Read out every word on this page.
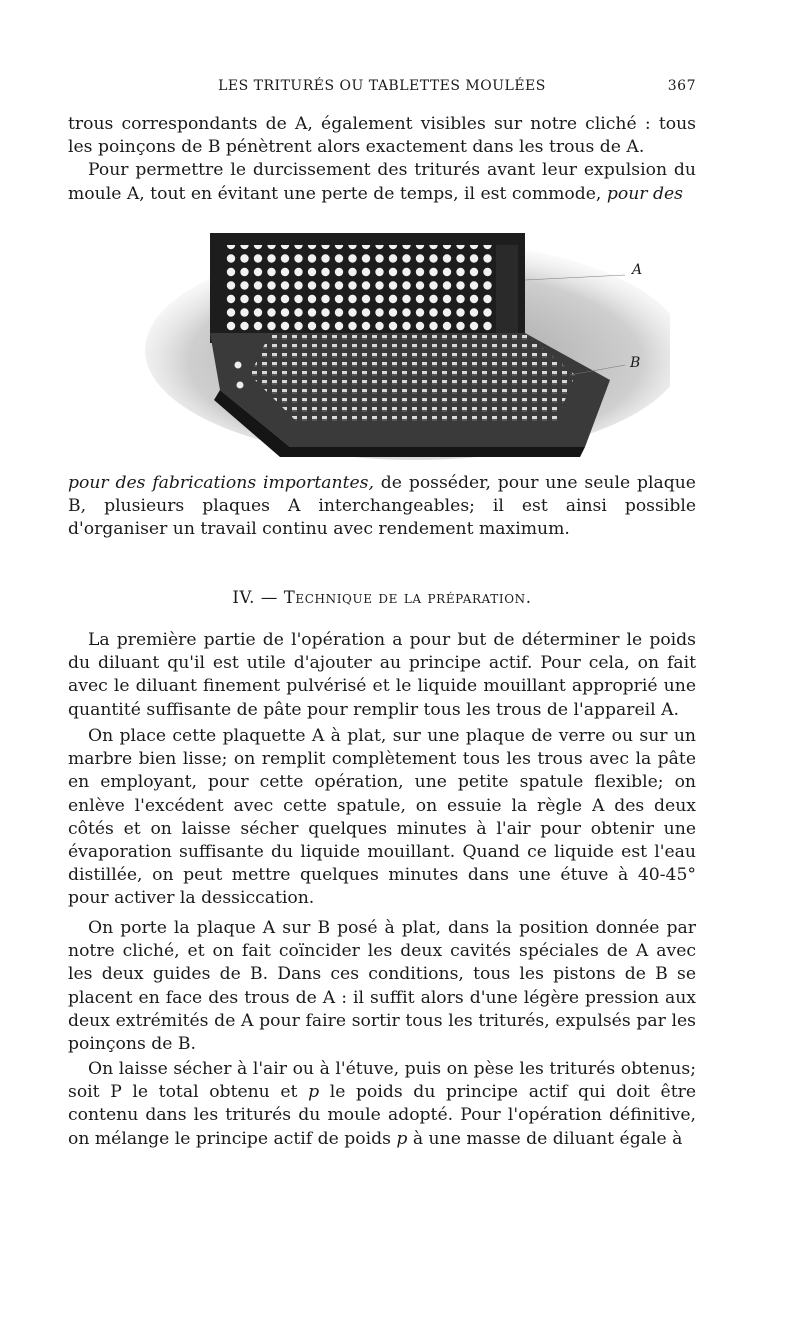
LES TRITURÉS OU TABLETTES MOULÉES	367

trous correspondants de A, également visibles sur notre cliché : tous les poinçons de B pénètrent alors exactement dans les trous de A.
Pour permettre le durcissement des triturés avant leur expulsion du moule A, tout en évitant une perte de temps, il est commode, pour des

A
B

pour des fabrications importantes, de posséder, pour une seule plaque B, plusieurs plaques A interchangeables; il est ainsi possible d'organiser un travail continu avec rendement maximum.

IV. — Technique de la préparation.

La première partie de l'opération a pour but de déterminer le poids du diluant qu'il est utile d'ajouter au principe actif. Pour cela, on fait avec le diluant finement pulvérisé et le liquide mouillant approprié une quantité suffisante de pâte pour remplir tous les trous de l'appareil A.

On place cette plaquette A à plat, sur une plaque de verre ou sur un marbre bien lisse; on remplit complètement tous les trous avec la pâte en employant, pour cette opération, une petite spatule flexible; on enlève l'excédent avec cette spatule, on essuie la règle A des deux côtés et on laisse sécher quelques minutes à l'air pour obtenir une évaporation suffisante du liquide mouillant. Quand ce liquide est l'eau distillée, on peut mettre quelques minutes dans une étuve à 40-45° pour activer la dessiccation.

On porte la plaque A sur B posé à plat, dans la position donnée par notre cliché, et on fait coïncider les deux cavités spéciales de A avec les deux guides de B. Dans ces conditions, tous les pistons de B se placent en face des trous de A : il suffit alors d'une légère pression aux deux extrémités de A pour faire sortir tous les triturés, expulsés par les poinçons de B.

On laisse sécher à l'air ou à l'étuve, puis on pèse les triturés obtenus; soit P le total obtenu et p le poids du principe actif qui doit être contenu dans les triturés du moule adopté. Pour l'opération définitive, on mélange le principe actif de poids p à une masse de diluant égale à
